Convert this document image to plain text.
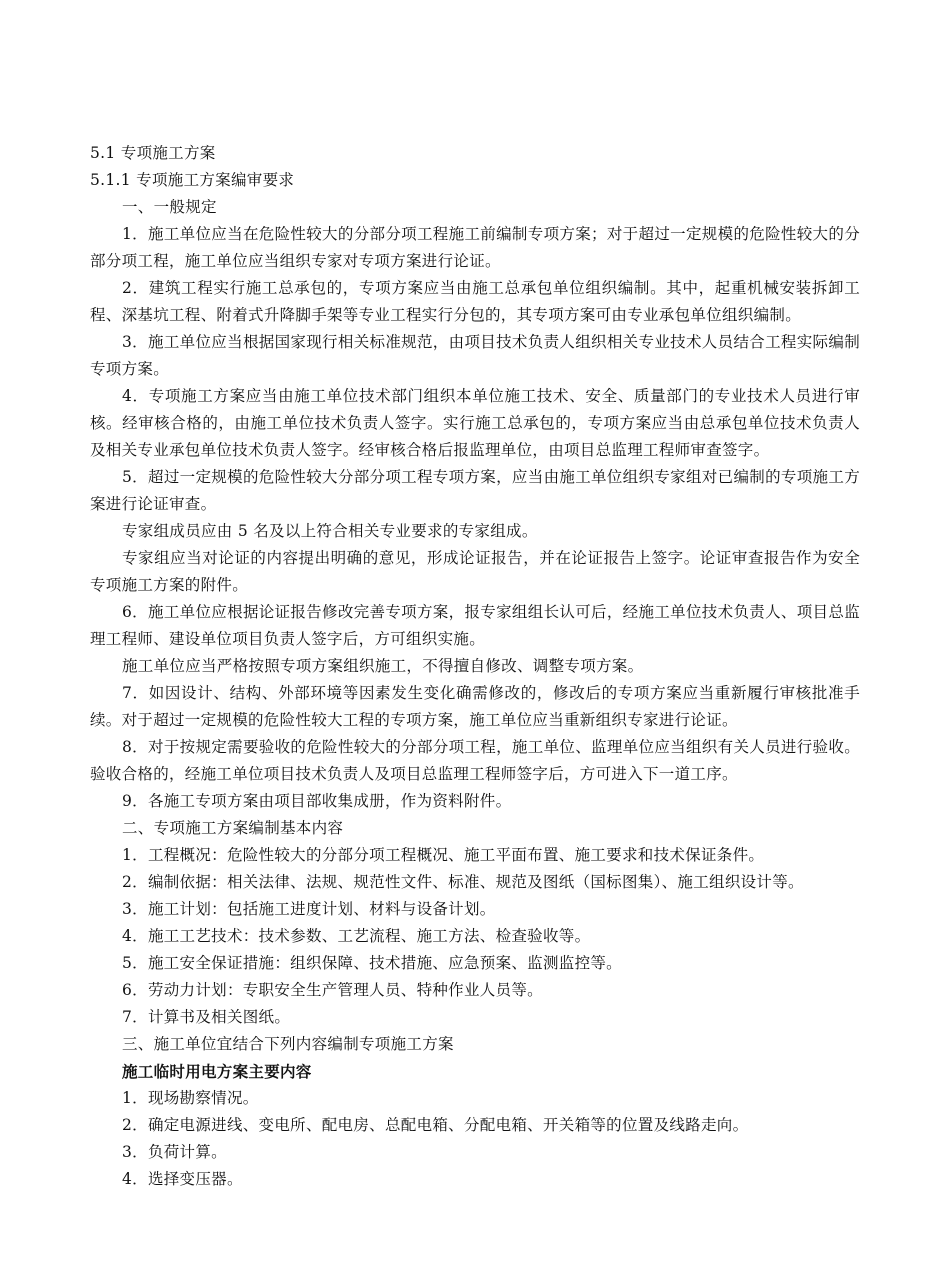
5.1 专项施工方案
5.1.1 专项施工方案编审要求
一、一般规定
1．施工单位应当在危险性较大的分部分项工程施工前编制专项方案；对于超过一定规模的危险性较大的分部分项工程，施工单位应当组织专家对专项方案进行论证。
2．建筑工程实行施工总承包的，专项方案应当由施工总承包单位组织编制。其中，起重机械安装拆卸工程、深基坑工程、附着式升降脚手架等专业工程实行分包的，其专项方案可由专业承包单位组织编制。
3．施工单位应当根据国家现行相关标准规范，由项目技术负责人组织相关专业技术人员结合工程实际编制专项方案。
4．专项施工方案应当由施工单位技术部门组织本单位施工技术、安全、质量部门的专业技术人员进行审核。经审核合格的，由施工单位技术负责人签字。实行施工总承包的，专项方案应当由总承包单位技术负责人及相关专业承包单位技术负责人签字。经审核合格后报监理单位，由项目总监理工程师审查签字。
5．超过一定规模的危险性较大分部分项工程专项方案，应当由施工单位组织专家组对已编制的专项施工方案进行论证审查。
专家组成员应由 5 名及以上符合相关专业要求的专家组成。
专家组应当对论证的内容提出明确的意见，形成论证报告，并在论证报告上签字。论证审查报告作为安全专项施工方案的附件。
6．施工单位应根据论证报告修改完善专项方案，报专家组组长认可后，经施工单位技术负责人、项目总监理工程师、建设单位项目负责人签字后，方可组织实施。
施工单位应当严格按照专项方案组织施工，不得擅自修改、调整专项方案。
7．如因设计、结构、外部环境等因素发生变化确需修改的，修改后的专项方案应当重新履行审核批准手续。对于超过一定规模的危险性较大工程的专项方案，施工单位应当重新组织专家进行论证。
8．对于按规定需要验收的危险性较大的分部分项工程，施工单位、监理单位应当组织有关人员进行验收。验收合格的，经施工单位项目技术负责人及项目总监理工程师签字后，方可进入下一道工序。
9．各施工专项方案由项目部收集成册，作为资料附件。
二、专项施工方案编制基本内容
1．工程概况：危险性较大的分部分项工程概况、施工平面布置、施工要求和技术保证条件。
2．编制依据：相关法律、法规、规范性文件、标准、规范及图纸（国标图集）、施工组织设计等。
3．施工计划：包括施工进度计划、材料与设备计划。
4．施工工艺技术：技术参数、工艺流程、施工方法、检查验收等。
5．施工安全保证措施：组织保障、技术措施、应急预案、监测监控等。
6．劳动力计划：专职安全生产管理人员、特种作业人员等。
7．计算书及相关图纸。
三、施工单位宜结合下列内容编制专项施工方案
施工临时用电方案主要内容
1．现场勘察情况。
2．确定电源进线、变电所、配电房、总配电箱、分配电箱、开关箱等的位置及线路走向。
3．负荷计算。
4．选择变压器。
